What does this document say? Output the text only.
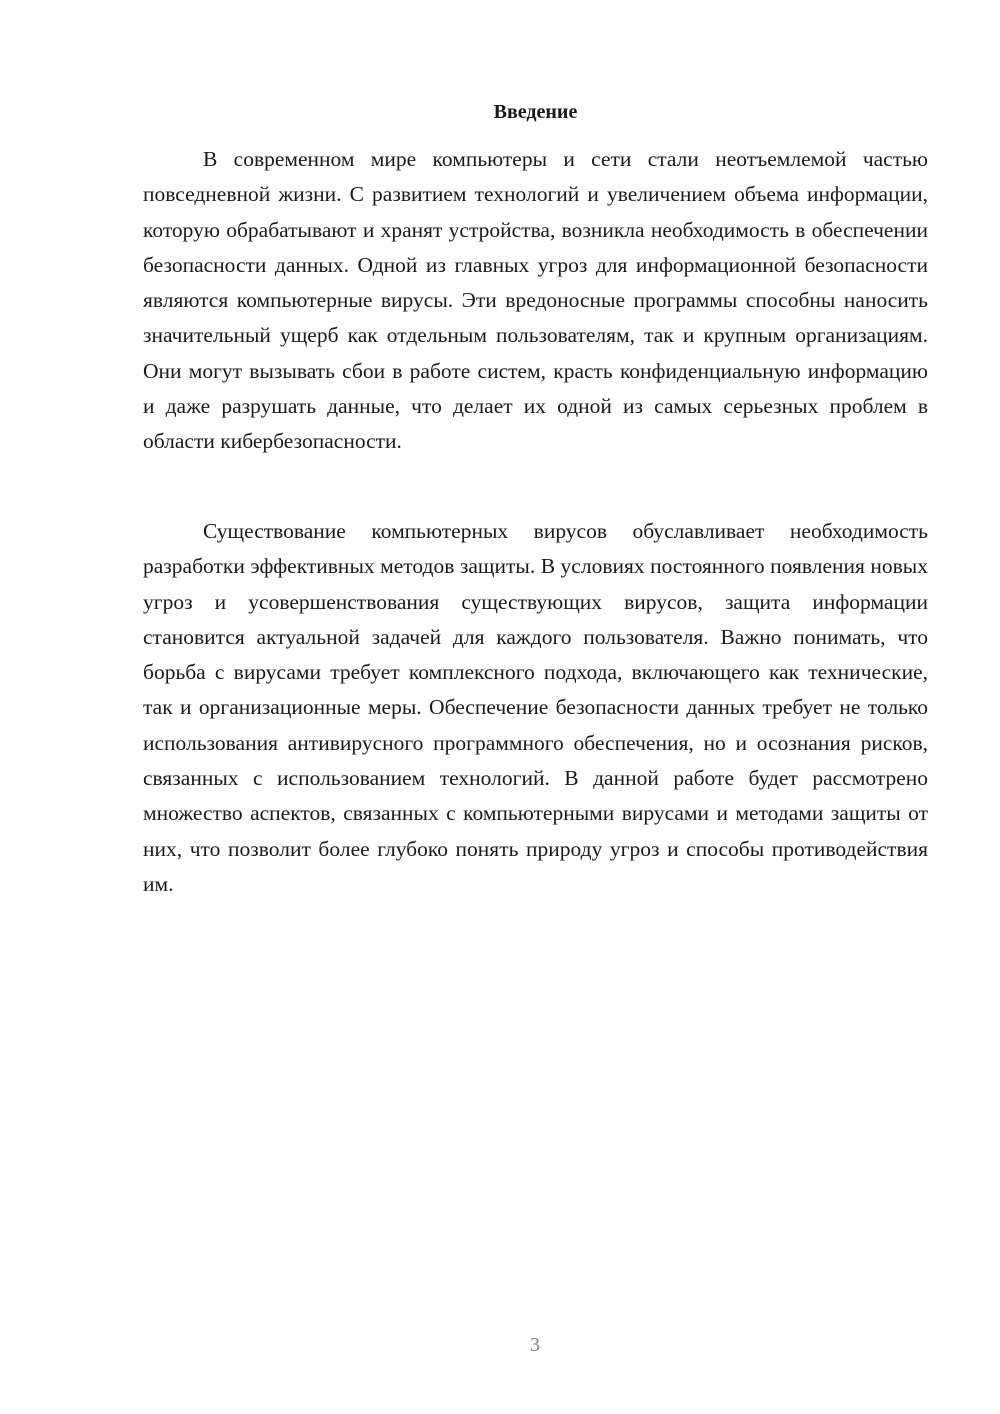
Введение

В современном мире компьютеры и сети стали неотъемлемой частью повседневной жизни. С развитием технологий и увеличением объема информации, которую обрабатывают и хранят устройства, возникла необходимость в обеспечении безопасности данных. Одной из главных угроз для информационной безопасности являются компьютерные вирусы. Эти вредоносные программы способны наносить значительный ущерб как отдельным пользователям, так и крупным организациям. Они могут вызывать сбои в работе систем, красть конфиденциальную информацию и даже разрушать данные, что делает их одной из самых серьезных проблем в области кибербезопасности.

Существование компьютерных вирусов обуславливает необходимость разработки эффективных методов защиты. В условиях постоянного появления новых угроз и усовершенствования существующих вирусов, защита информации становится актуальной задачей для каждого пользователя. Важно понимать, что борьба с вирусами требует комплексного подхода, включающего как технические, так и организационные меры. Обеспечение безопасности данных требует не только использования антивирусного программного обеспечения, но и осознания рисков, связанных с использованием технологий. В данной работе будет рассмотрено множество аспектов, связанных с компьютерными вирусами и методами защиты от них, что позволит более глубоко понять природу угроз и способы противодействия им.

3
